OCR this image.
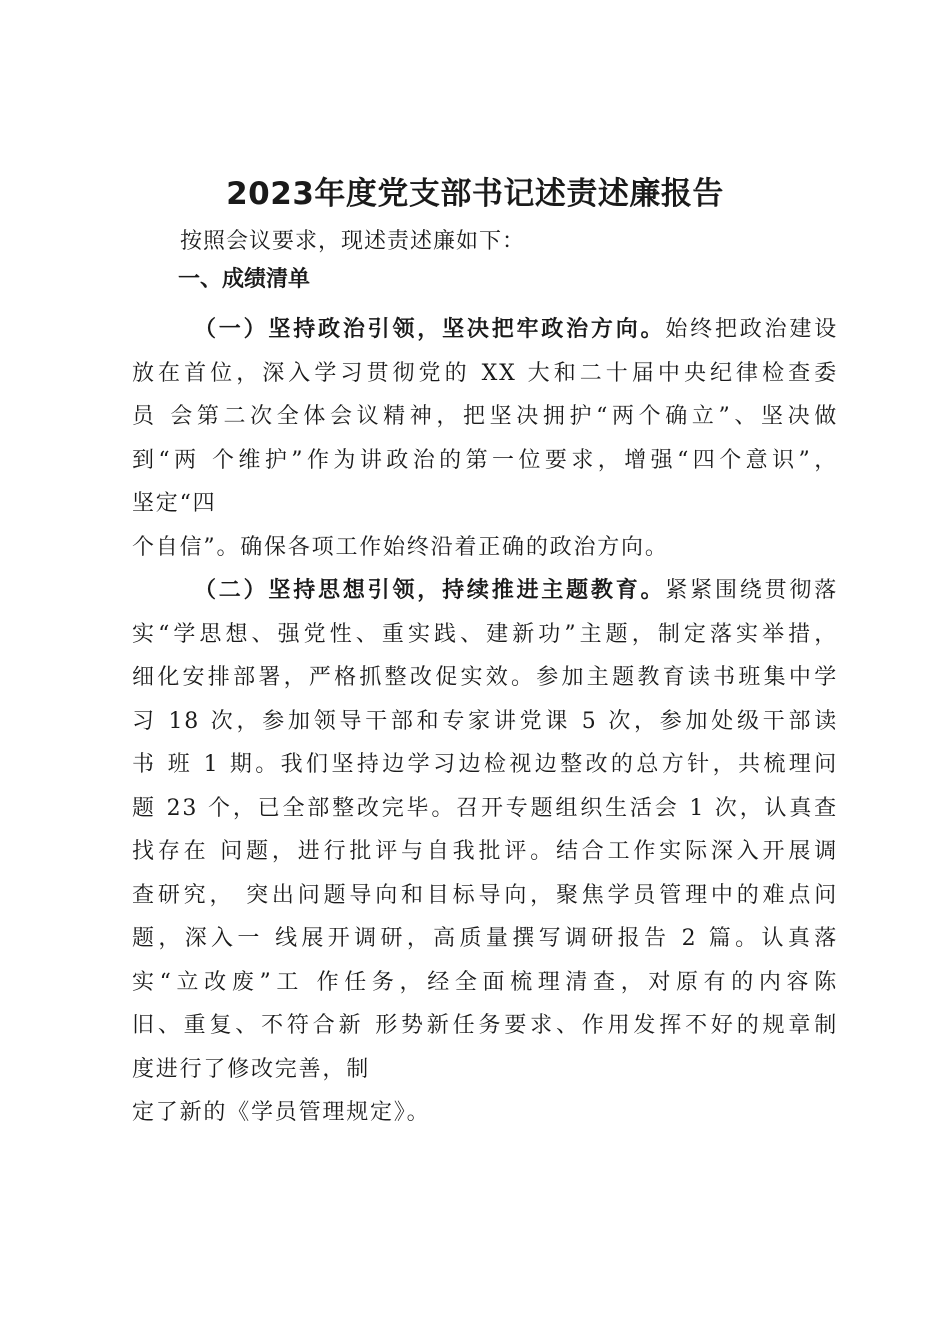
2023年度党支部书记述责述廉报告
按照会议要求，现述责述廉如下：
一、成绩清单
（一）坚持政治引领，坚决把牢政治方向。始终把政治建设
放在首位，深入学习贯彻党的 XX 大和二十届中央纪律检查委
员 会第二次全体会议精神，把坚决拥护“两个确立”、坚决做
到“两 个维护”作为讲政治的第一位要求，增强“四个意识”，
坚定“四
个自信”。确保各项工作始终沿着正确的政治方向。
（二）坚持思想引领，持续推进主题教育。紧紧围绕贯彻落
实“学思想、强党性、重实践、建新功”主题，制定落实举措，
细化安排部署，严格抓整改促实效。参加主题教育读书班集中学
习 18 次，参加领导干部和专家讲党课 5 次，参加处级干部读
书 班 1 期。我们坚持边学习边检视边整改的总方针，共梳理问
题 23 个，已全部整改完毕。召开专题组织生活会 1 次，认真查
找存在 问题，进行批评与自我批评。结合工作实际深入开展调
查研究， 突出问题导向和目标导向，聚焦学员管理中的难点问
题，深入一 线展开调研，高质量撰写调研报告 2 篇。认真落
实“立改废”工 作任务，经全面梳理清查，对原有的内容陈
旧、重复、不符合新 形势新任务要求、作用发挥不好的规章制
度进行了修改完善，制
定了新的《学员管理规定》。
